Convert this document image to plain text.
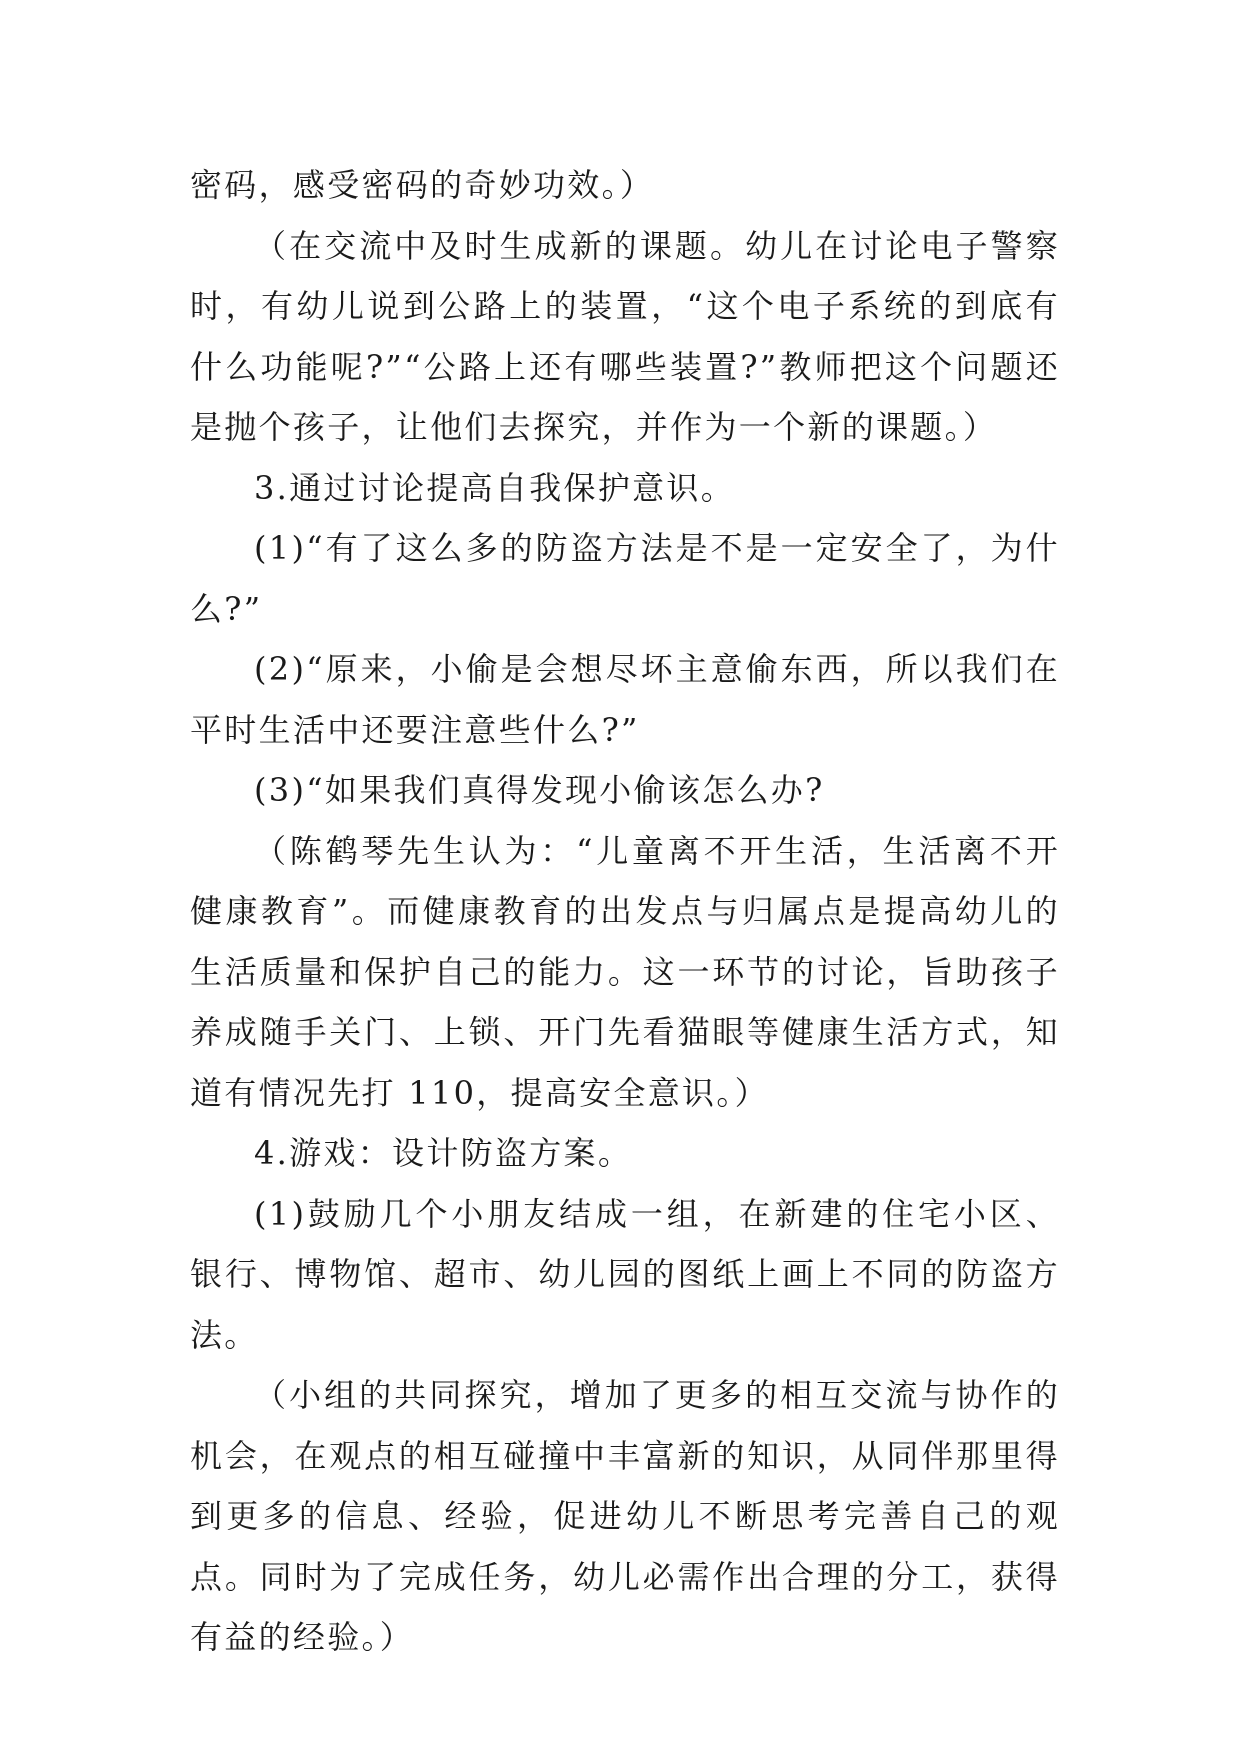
密码，感受密码的奇妙功效。）

（在交流中及时生成新的课题。幼儿在讨论电子警察时，有幼儿说到公路上的装置，“这个电子系统的到底有什么功能呢?”“公路上还有哪些装置?”教师把这个问题还是抛个孩子，让他们去探究，并作为一个新的课题。）

3.通过讨论提高自我保护意识。

(1)“有了这么多的防盗方法是不是一定安全了，为什么?”

(2)“原来，小偷是会想尽坏主意偷东西，所以我们在平时生活中还要注意些什么?”

(3)“如果我们真得发现小偷该怎么办?

（陈鹤琴先生认为：“儿童离不开生活，生活离不开健康教育”。而健康教育的出发点与归属点是提高幼儿的生活质量和保护自己的能力。这一环节的讨论，旨助孩子养成随手关门、上锁、开门先看猫眼等健康生活方式，知道有情况先打 110，提高安全意识。）

4.游戏：设计防盗方案。

(1)鼓励几个小朋友结成一组，在新建的住宅小区、银行、博物馆、超市、幼儿园的图纸上画上不同的防盗方法。

（小组的共同探究，增加了更多的相互交流与协作的机会，在观点的相互碰撞中丰富新的知识，从同伴那里得到更多的信息、经验，促进幼儿不断思考完善自己的观点。同时为了完成任务，幼儿必需作出合理的分工，获得有益的经验。）
